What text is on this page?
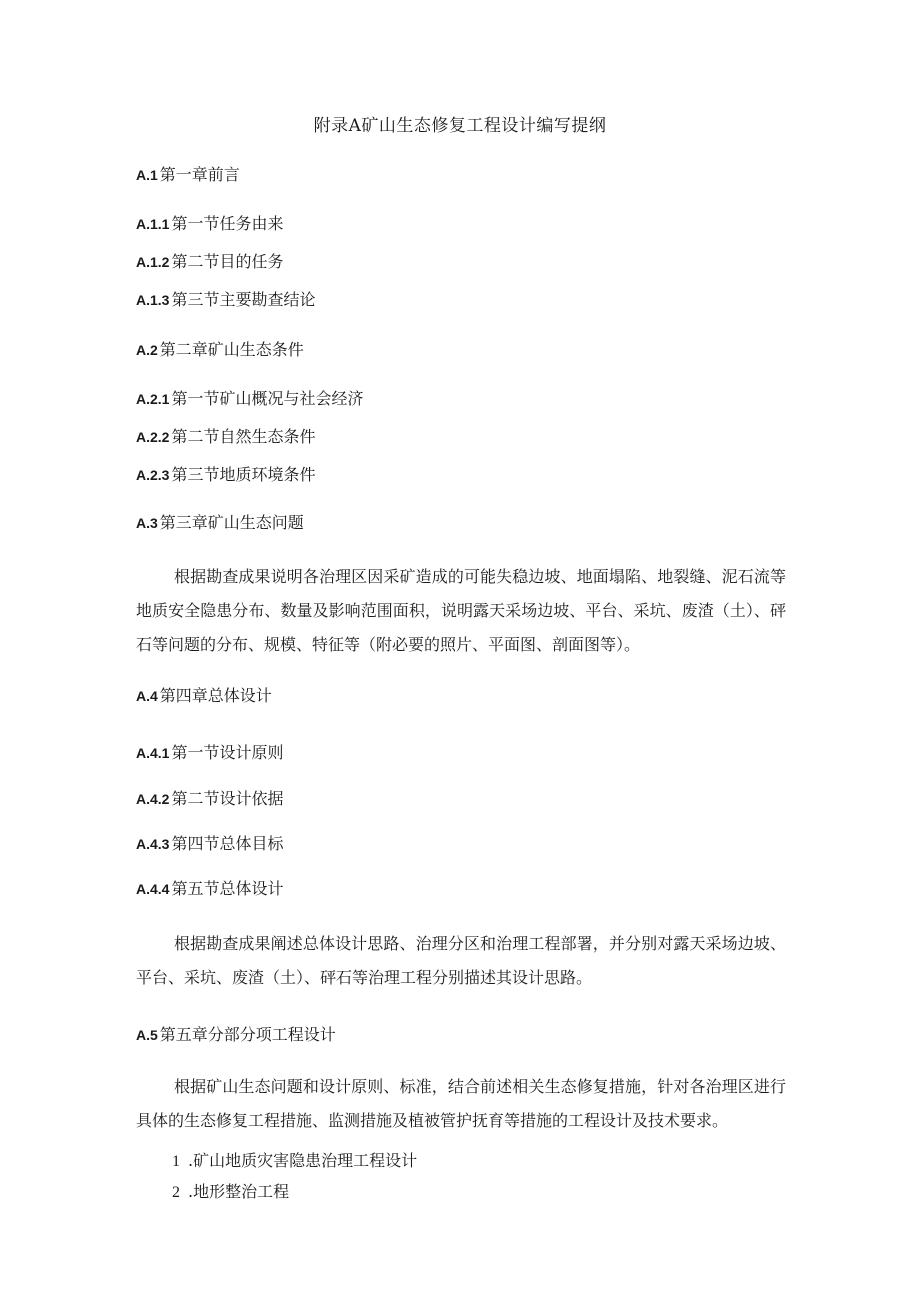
附录A矿山生态修复工程设计编写提纲
A.1 第一章前言
A.1.1 第一节任务由来
A.1.2 第二节目的任务
A.1.3 第三节主要勘查结论
A.2 第二章矿山生态条件
A.2.1 第一节矿山概况与社会经济
A.2.2 第二节自然生态条件
A.2.3 第三节地质环境条件
A.3 第三章矿山生态问题

根据勘查成果说明各治理区因采矿造成的可能失稳边坡、地面塌陷、地裂缝、泥石流等地质安全隐患分布、数量及影响范围面积，说明露天采场边坡、平台、采坑、废渣（土）、砰石等问题的分布、规模、特征等（附必要的照片、平面图、剖面图等）。

A.4 第四章总体设计
A.4.1 第一节设计原则
A.4.2 第二节设计依据
A.4.3 第四节总体目标
A.4.4 第五节总体设计

根据勘查成果阐述总体设计思路、治理分区和治理工程部署，并分别对露天采场边坡、平台、采坑、废渣（土）、砰石等治理工程分别描述其设计思路。

A.5 第五章分部分项工程设计

根据矿山生态问题和设计原则、标准，结合前述相关生态修复措施，针对各治理区进行具体的生态修复工程措施、监测措施及植被管护抚育等措施的工程设计及技术要求。

1 .矿山地质灾害隐患治理工程设计
2 .地形整治工程
